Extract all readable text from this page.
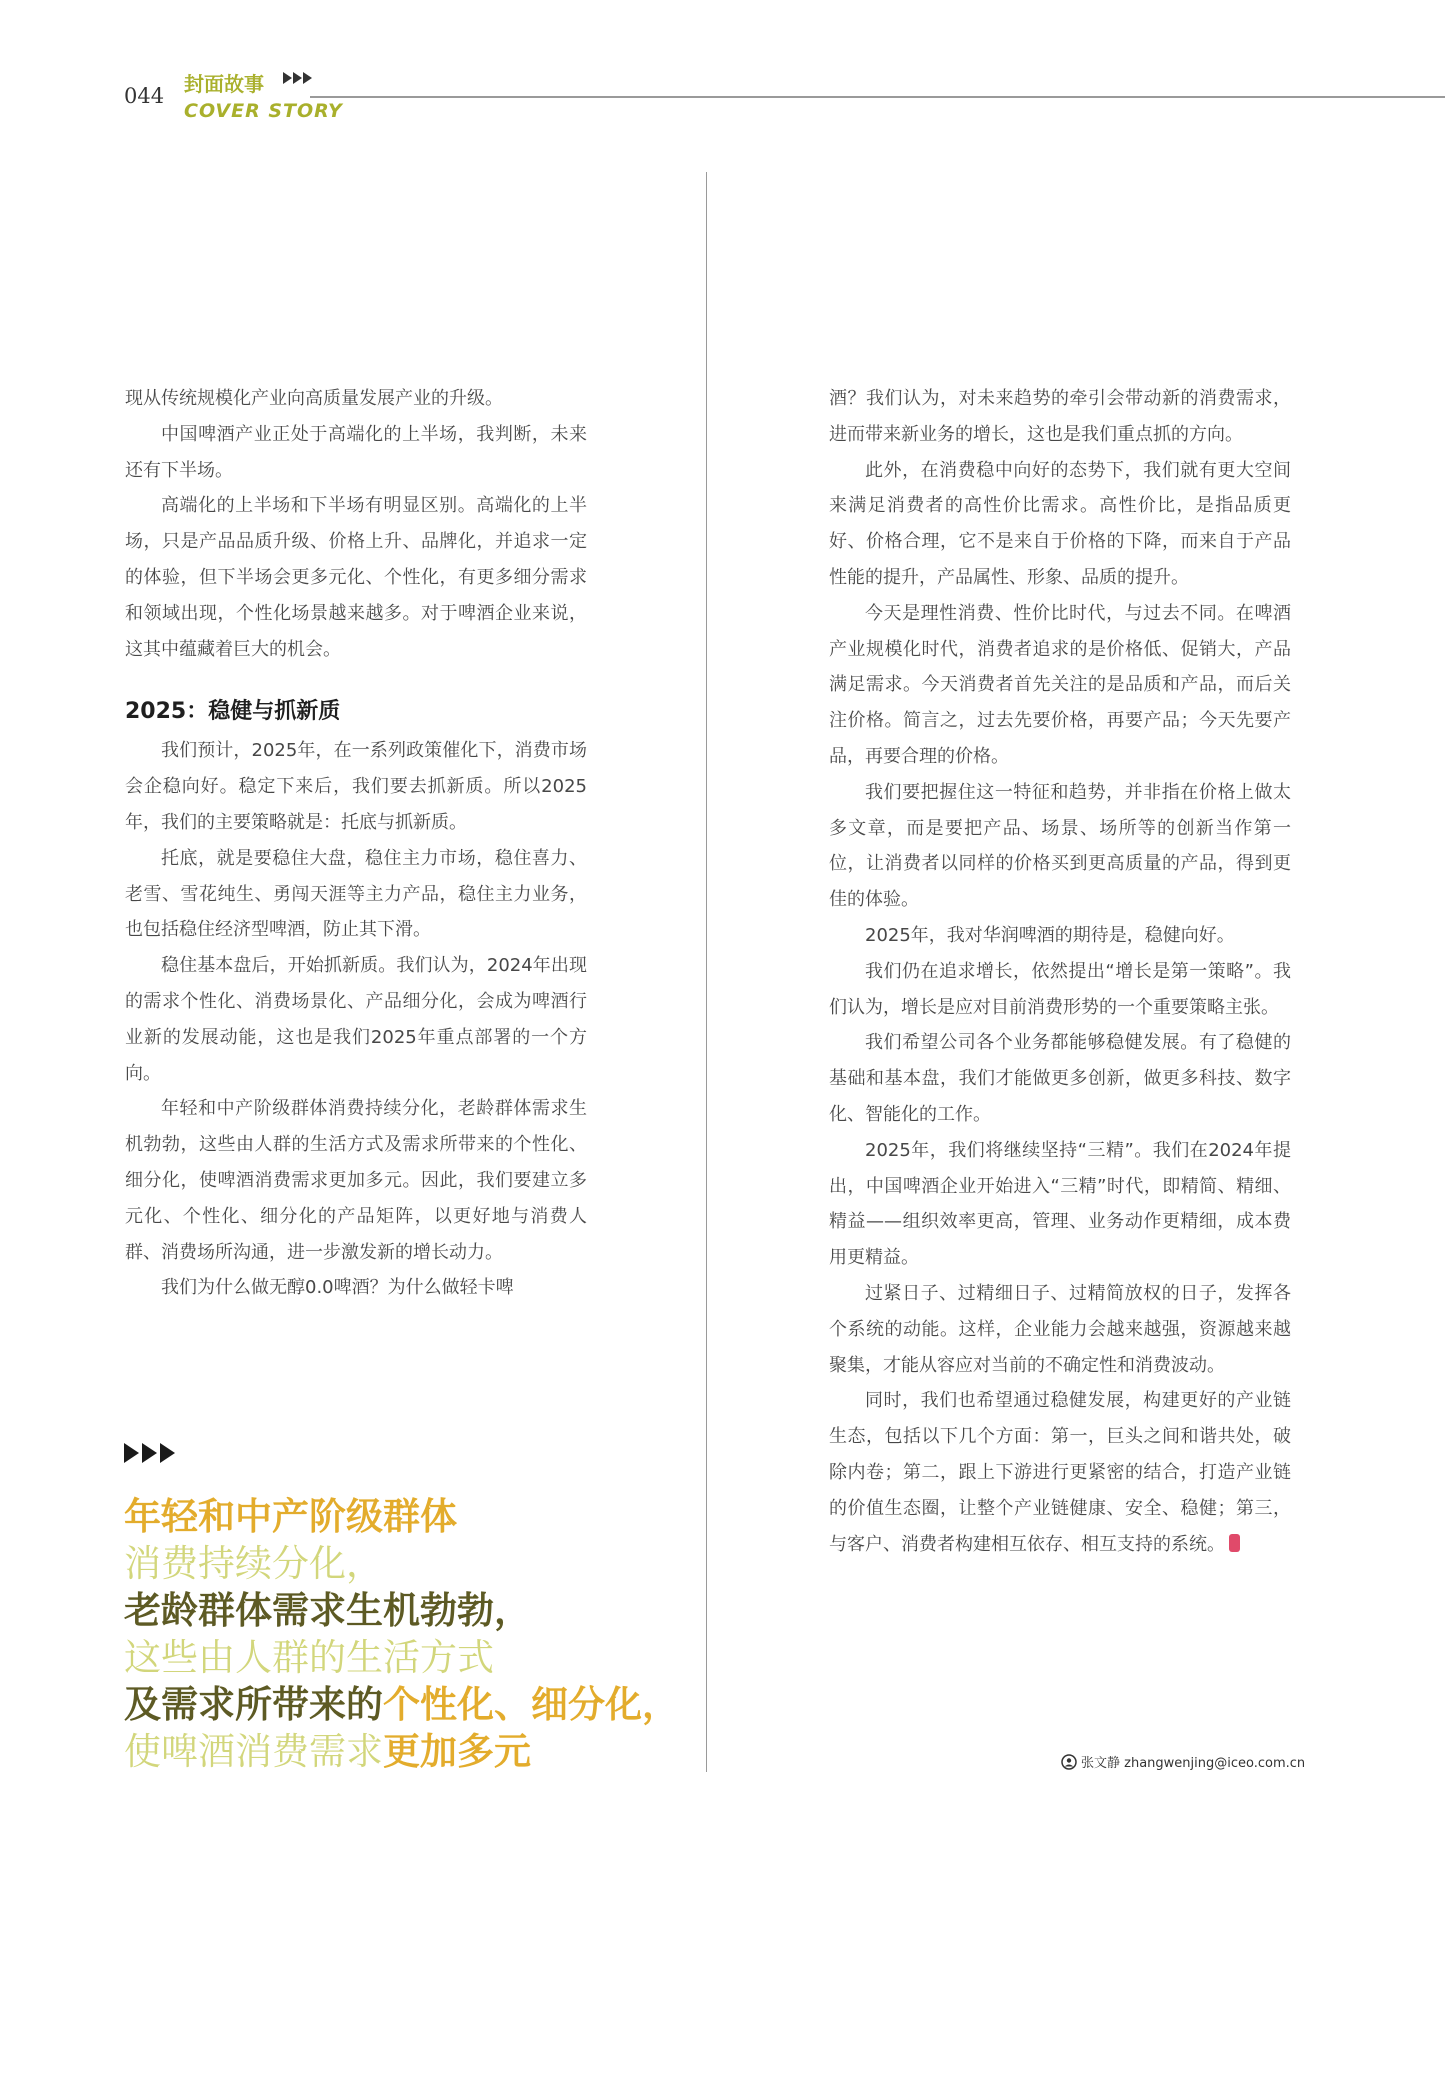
044 封面故事
COVER STORY

现从传统规模化产业向高质量发展产业的升级。

中国啤酒产业正处于高端化的上半场，我判断，未来还有下半场。

高端化的上半场和下半场有明显区别。高端化的上半场，只是产品品质升级、价格上升、品牌化，并追求一定的体验，但下半场会更多元化、个性化，有更多细分需求和领域出现，个性化场景越来越多。对于啤酒企业来说，这其中蕴藏着巨大的机会。

2025：稳健与抓新质

我们预计，2025年，在一系列政策催化下，消费市场会企稳向好。稳定下来后，我们要去抓新质。所以2025年，我们的主要策略就是：托底与抓新质。

托底，就是要稳住大盘，稳住主力市场，稳住喜力、老雪、雪花纯生、勇闯天涯等主力产品，稳住主力业务，也包括稳住经济型啤酒，防止其下滑。

稳住基本盘后，开始抓新质。我们认为，2024年出现的需求个性化、消费场景化、产品细分化，会成为啤酒行业新的发展动能，这也是我们2025年重点部署的一个方向。

年轻和中产阶级群体消费持续分化，老龄群体需求生机勃勃，这些由人群的生活方式及需求所带来的个性化、细分化，使啤酒消费需求更加多元。因此，我们要建立多元化、个性化、细分化的产品矩阵，以更好地与消费人群、消费场所沟通，进一步激发新的增长动力。

我们为什么做无醇0.0啤酒？为什么做轻卡啤

年轻和中产阶级群体
消费持续分化，
老龄群体需求生机勃勃，
这些由人群的生活方式
及需求所带来的个性化、细分化，
使啤酒消费需求更加多元

酒？我们认为，对未来趋势的牵引会带动新的消费需求，进而带来新业务的增长，这也是我们重点抓的方向。

此外，在消费稳中向好的态势下，我们就有更大空间来满足消费者的高性价比需求。高性价比，是指品质更好、价格合理，它不是来自于价格的下降，而来自于产品性能的提升，产品属性、形象、品质的提升。

今天是理性消费、性价比时代，与过去不同。在啤酒产业规模化时代，消费者追求的是价格低、促销大，产品满足需求。今天消费者首先关注的是品质和产品，而后关注价格。简言之，过去先要价格，再要产品；今天先要产品，再要合理的价格。

我们要把握住这一特征和趋势，并非指在价格上做太多文章，而是要把产品、场景、场所等的创新当作第一位，让消费者以同样的价格买到更高质量的产品，得到更佳的体验。

2025年，我对华润啤酒的期待是，稳健向好。

我们仍在追求增长，依然提出“增长是第一策略”。我们认为，增长是应对目前消费形势的一个重要策略主张。

我们希望公司各个业务都能够稳健发展。有了稳健的基础和基本盘，我们才能做更多创新，做更多科技、数字化、智能化的工作。

2025年，我们将继续坚持“三精”。我们在2024年提出，中国啤酒企业开始进入“三精”时代，即精简、精细、精益——组织效率更高，管理、业务动作更精细，成本费用更精益。

过紧日子、过精细日子、过精简放权的日子，发挥各个系统的动能。这样，企业能力会越来越强，资源越来越聚集，才能从容应对当前的不确定性和消费波动。

同时，我们也希望通过稳健发展，构建更好的产业链生态，包括以下几个方面：第一，巨头之间和谐共处，破除内卷；第二，跟上下游进行更紧密的结合，打造产业链的价值生态圈，让整个产业链健康、安全、稳健；第三，与客户、消费者构建相互依存、相互支持的系统。

张文静 zhangwenjing@iceo.com.cn
